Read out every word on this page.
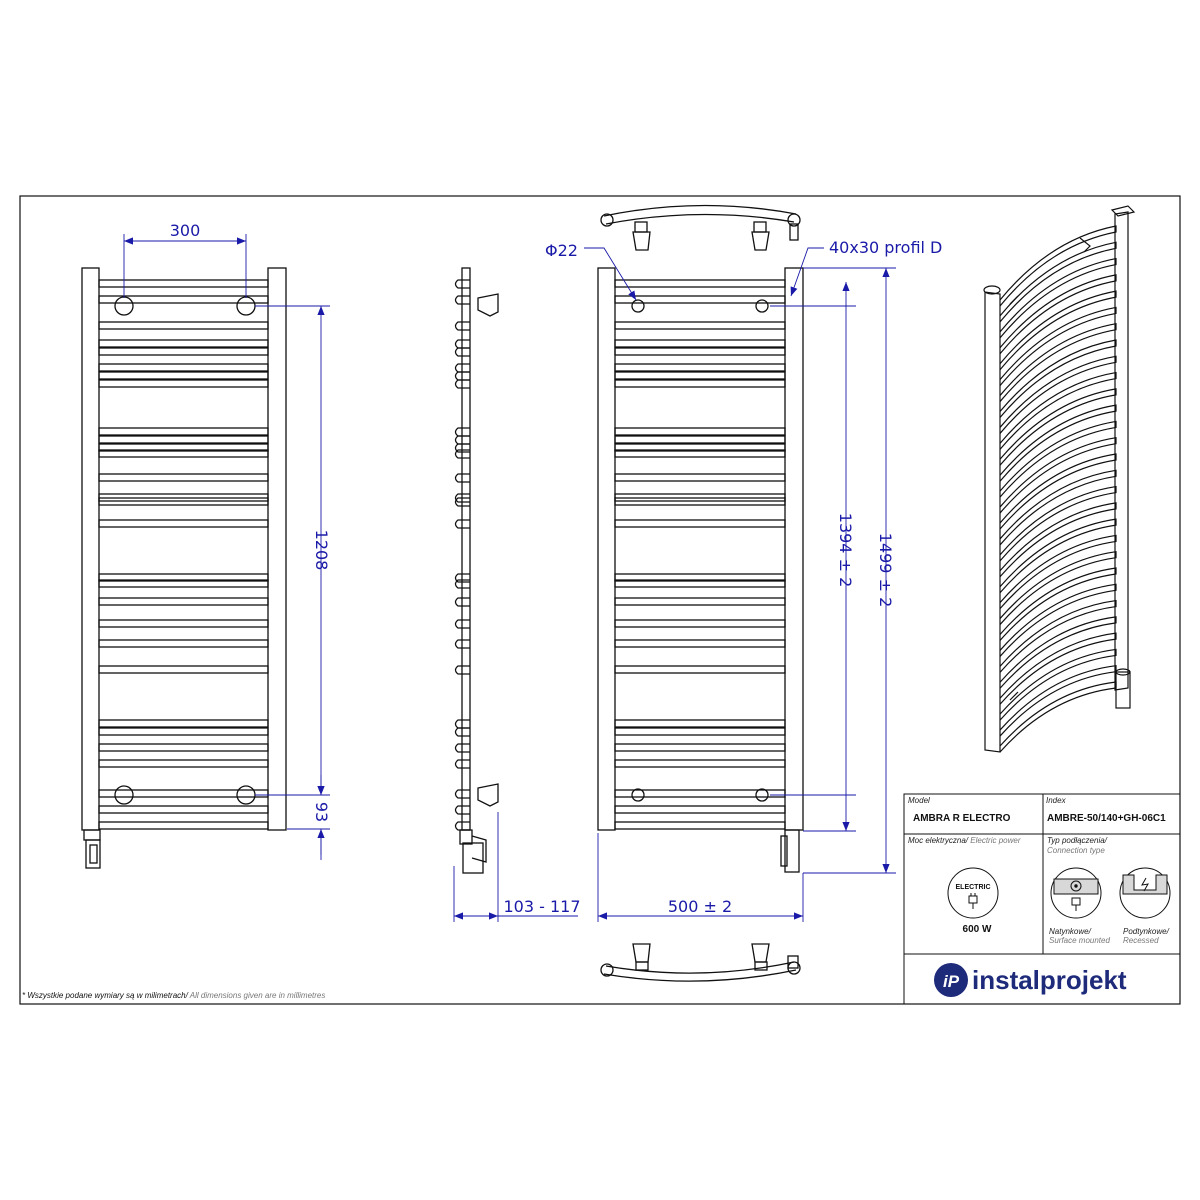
300
1208
93
103 - 117
Φ22	40x30 profil D
500 ± 2
1394 ± 2 1499 ± 2
Model
AMBRA R ELECTRO
Index
AMBRE-50/140+GH-06C1
Moc elektryczna/ Electric power
ELECTRIC
600 W
Typ podłączenia/
Connection type
Natynkowe/
Surface mounted
Podtynkowe/
Recessed
iP instalprojekt
* Wszystkie podane wymiary są w milimetrach/ All dimensions given are in millimetres
